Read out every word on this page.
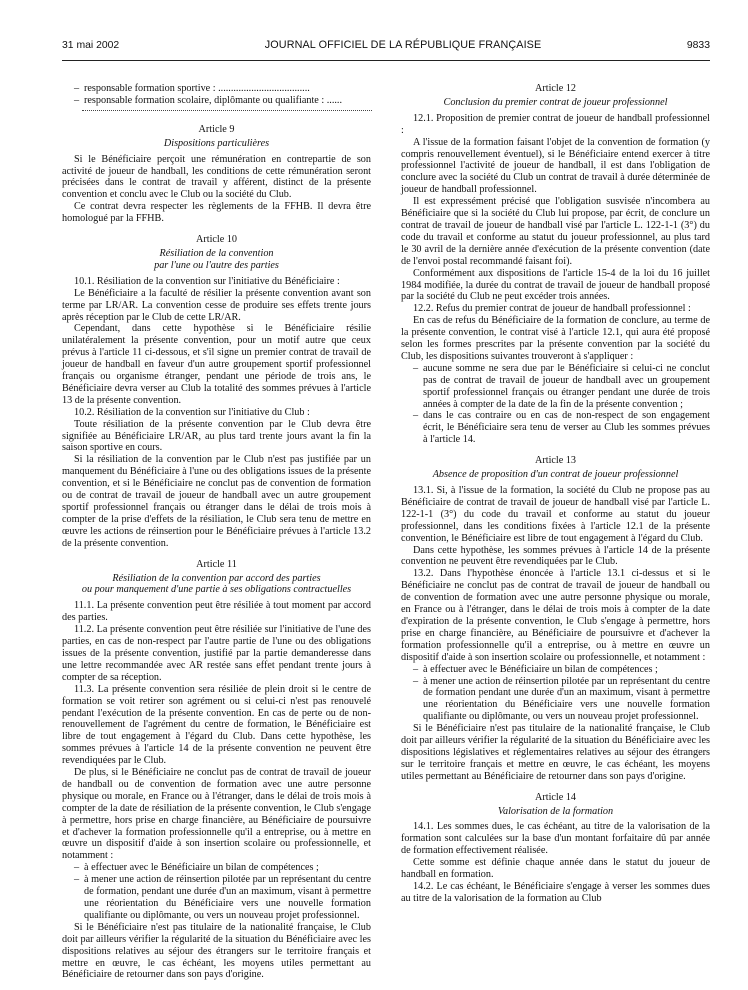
31 mai 2002	JOURNAL OFFICIEL DE LA RÉPUBLIQUE FRANÇAISE	9833
– responsable formation sportive : ....................................
– responsable formation scolaire, diplômante ou qualifiante : ......
Article 9
Dispositions particulières

Si le Bénéficiaire perçoit une rémunération en contrepartie de son activité de joueur de handball, les conditions de cette rémunération seront précisées dans le contrat de travail y afférent, distinct de la présente convention et conclu avec le Club ou la société du Club.

Ce contrat devra respecter les règlements de la FFHB. Il devra être homologué par la FFHB.

Article 10
Résiliation de la convention
par l'une ou l'autre des parties

10.1. Résiliation de la convention sur l'initiative du Bénéficiaire :

Le Bénéficiaire a la faculté de résilier la présente convention avant son terme par LR/AR. La convention cesse de produire ses effets trente jours après réception par le Club de cette LR/AR.

Cependant, dans cette hypothèse si le Bénéficiaire résilie unilatéralement la présente convention, pour un motif autre que ceux prévus à l'article 11 ci-dessous, et s'il signe un premier contrat de travail de joueur de handball en faveur d'un autre groupement sportif professionnel français ou organisme étranger, pendant une période de trois ans, le Bénéficiaire devra verser au Club la totalité des sommes prévues à l'article 13 de la présente convention.

10.2. Résiliation de la convention sur l'initiative du Club :

Toute résiliation de la présente convention par le Club devra être signifiée au Bénéficiaire LR/AR, au plus tard trente jours avant la fin la saison sportive en cours.

Si la résiliation de la convention par le Club n'est pas justifiée par un manquement du Bénéficiaire à l'une ou des obligations issues de la présente convention, et si le Bénéficiaire ne conclut pas de convention de formation ou de contrat de travail de joueur de handball avec un autre groupement sportif professionnel français ou étranger dans le délai de trois mois à compter de la prise d'effets de la résiliation, le Club sera tenu de mettre en œuvre les actions de réinsertion pour le Bénéficiaire prévues à l'article 13.2 de la présente convention.

Article 11
Résiliation de la convention par accord des parties
ou pour manquement d'une partie à ses obligations contractuelles

11.1. La présente convention peut être résiliée à tout moment par accord des parties.

11.2. La présente convention peut être résiliée sur l'initiative de l'une des parties, en cas de non-respect par l'autre partie de l'une ou des obligations issues de la présente convention, justifié par la partie demanderesse dans une lettre recommandée avec AR restée sans effet pendant trente jours à compter de sa réception.

11.3. La présente convention sera résiliée de plein droit si le centre de formation se voit retirer son agrément ou si celui-ci n'est pas renouvelé pendant l'exécution de la présente convention. En cas de perte ou de non-renouvellement de l'agrément du centre de formation, le Bénéficiaire est libre de tout engagement à l'égard du Club. Dans cette hypothèse, les sommes prévues à l'article 14 de la présente convention ne peuvent être revendiquées par le Club.

De plus, si le Bénéficiaire ne conclut pas de contrat de travail de joueur de handball ou de convention de formation avec une autre personne physique ou morale, en France ou à l'étranger, dans le délai de trois mois à compter de la date de résiliation de la présente convention, le Club s'engage à permettre, hors prise en charge financière, au Bénéficiaire de poursuivre et d'achever la formation professionnelle qu'il a entreprise, ou à mettre en œuvre un dispositif d'aide à son insertion scolaire ou professionnelle, et notamment :

– à effectuer avec le Bénéficiaire un bilan de compétences ;
– à mener une action de réinsertion pilotée par un représentant du centre de formation, pendant une durée d'un an maximum, visant à permettre une réorientation du Bénéficiaire vers une nouvelle formation qualifiante ou diplômante, ou vers un nouveau projet professionnel.

Si le Bénéficiaire n'est pas titulaire de la nationalité française, le Club doit par ailleurs vérifier la régularité de la situation du Bénéficiaire avec les dispositions relatives au séjour des étrangers sur le territoire français et mettre en œuvre, le cas échéant, les moyens utiles permettant au Bénéficiaire de retourner dans son pays d'origine.

Article 12
Conclusion du premier contrat de joueur professionnel

12.1. Proposition de premier contrat de joueur de handball professionnel :

A l'issue de la formation faisant l'objet de la convention de formation (y compris renouvellement éventuel), si le Bénéficiaire entend exercer à titre professionnel l'activité de joueur de handball, il est dans l'obligation de conclure avec la société du Club un contrat de travail à durée déterminée de joueur de handball professionnel.

Il est expressément précisé que l'obligation susvisée n'incombera au Bénéficiaire que si la société du Club lui propose, par écrit, de conclure un contrat de travail de joueur de handball visé par l'article L. 122-1-1 (3°) du code du travail et conforme au statut du joueur professionnel, au plus tard le 30 avril de la dernière année d'exécution de la présente convention (date de l'envoi postal recommandé faisant foi).

Conformément aux dispositions de l'article 15-4 de la loi du 16 juillet 1984 modifiée, la durée du contrat de travail de joueur de handball proposé par la société du Club ne peut excéder trois années.

12.2. Refus du premier contrat de joueur de handball professionnel :

En cas de refus du Bénéficiaire de la formation de conclure, au terme de la présente convention, le contrat visé à l'article 12.1, qui aura été proposé selon les formes prescrites par la présente convention par la société du Club, les dispositions suivantes trouveront à s'appliquer :

– aucune somme ne sera due par le Bénéficiaire si celui-ci ne conclut pas de contrat de travail de joueur de handball avec un groupement sportif professionnel français ou étranger pendant une durée de trois années à compter de la date de la fin de la présente convention ;
– dans le cas contraire ou en cas de non-respect de son engagement écrit, le Bénéficiaire sera tenu de verser au Club les sommes prévues à l'article 14.
Article 13
Absence de proposition d'un contrat de joueur professionnel

13.1. Si, à l'issue de la formation, la société du Club ne propose pas au Bénéficiaire de contrat de travail de joueur de handball visé par l'article L. 122-1-1 (3°) du code du travail et conforme au statut du joueur professionnel, dans les conditions fixées à l'article 12.1 de la présente convention, le Bénéficiaire est libre de tout engagement à l'égard du Club.

Dans cette hypothèse, les sommes prévues à l'article 14 de la présente convention ne peuvent être revendiquées par le Club.

13.2. Dans l'hypothèse énoncée à l'article 13.1 ci-dessus et si le Bénéficiaire ne conclut pas de contrat de travail de joueur de handball ou de convention de formation avec une autre personne physique ou morale, en France ou à l'étranger, dans le délai de trois mois à compter de la date d'expiration de la présente convention, le Club s'engage à permettre, hors prise en charge financière, au Bénéficiaire de poursuivre et d'achever la formation professionnelle qu'il a entreprise, ou à mettre en œuvre un dispositif d'aide à son insertion scolaire ou professionnelle, et notamment :

– à effectuer avec le Bénéficiaire un bilan de compétences ;
– à mener une action de réinsertion pilotée par un représentant du centre de formation pendant une durée d'un an maximum, visant à permettre une réorientation du Bénéficiaire vers une nouvelle formation qualifiante ou diplômante, ou vers un nouveau projet professionnel.

Si le Bénéficiaire n'est pas titulaire de la nationalité française, le Club doit par ailleurs vérifier la régularité de la situation du Bénéficiaire avec les dispositions législatives et réglementaires relatives au séjour des étrangers sur le territoire français et mettre en œuvre, le cas échéant, les moyens utiles permettant au Bénéficiaire de retourner dans son pays d'origine.

Article 14
Valorisation de la formation

14.1. Les sommes dues, le cas échéant, au titre de la valorisation de la formation sont calculées sur la base d'un montant forfaitaire dû par année de formation effectivement réalisée.

Cette somme est définie chaque année dans le statut du joueur de handball en formation.

14.2. Le cas échéant, le Bénéficiaire s'engage à verser les sommes dues au titre de la valorisation de la formation au Club
